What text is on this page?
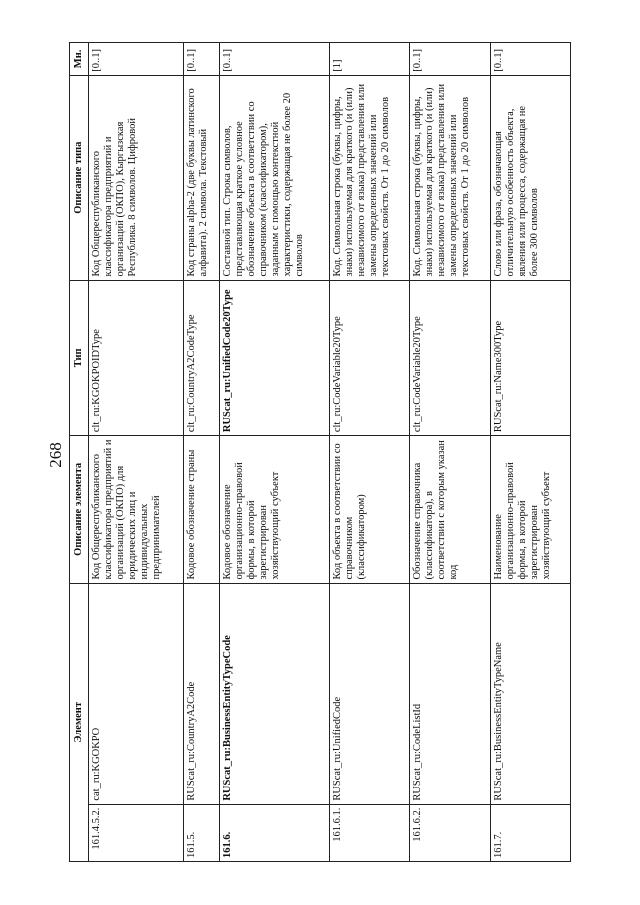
268
Элемент		Описание элемента	Тип	Описание типа	Мн.
161.4.5.2.	cat_ru:KGOKPO	Код Общереспубликанского классификатора предприятий и организаций (ОКПО) для юридических лиц и индивидуальных предпринимателей	clt_ru:KGOKPOIDType	Код Общереспубликанского классификатора предприятий и организаций (ОКПО), Кыргызская Республика. 8 символов. Цифровой	[0..1]
161.5.	RUScat_ru:CountryA2Code	Кодовое обозначение страны	clt_ru:CountryA2CodeType	Код страны alpha-2 (две буквы латинского алфавита). 2 символа. Текстовый	[0..1]
161.6.	RUScat_ru:BusinessEntityTypeCode	Кодовое обозначение организационно-правовой формы, в которой зарегистрирован хозяйствующий субъект	RUScat_ru:UnifiedCode20Type	Составной тип. Строка символов, представляющая краткое условное обозначение объекта в соответствии со справочником (классификатором), заданным с помощью контекстной характеристики, содержащая не более 20 символов	[0..1]
161.6.1.	RUScat_ru:UnifiedCode	Код объекта в соответствии со справочником (классификатором)	clt_ru:CodeVariable20Type	Код. Символьная строка (буквы, цифры, знаки) используемая для краткого (и (или) независимого от языка) представления или замены определенных значений или текстовых свойств. От 1 до 20 символов	[1]
161.6.2.	RUScat_ru:CodeListId	Обозначение справочника (классификатора), в соответствии с которым указан код	clt_ru:CodeVariable20Type	Код. Символьная строка (буквы, цифры, знаки) используемая для краткого (и (или) независимого от языка) представления или замены определенных значений или текстовых свойств. От 1 до 20 символов	[0..1]
161.7.	RUScat_ru:BusinessEntityTypeName	Наименование организационно-правовой формы, в которой зарегистрирован хозяйствующий субъект	RUScat_ru:Name300Type	Слово или фраза, обозначающая отличительную особенность объекта, явления или процесса, содержащая не более 300 символов	[0..1]
